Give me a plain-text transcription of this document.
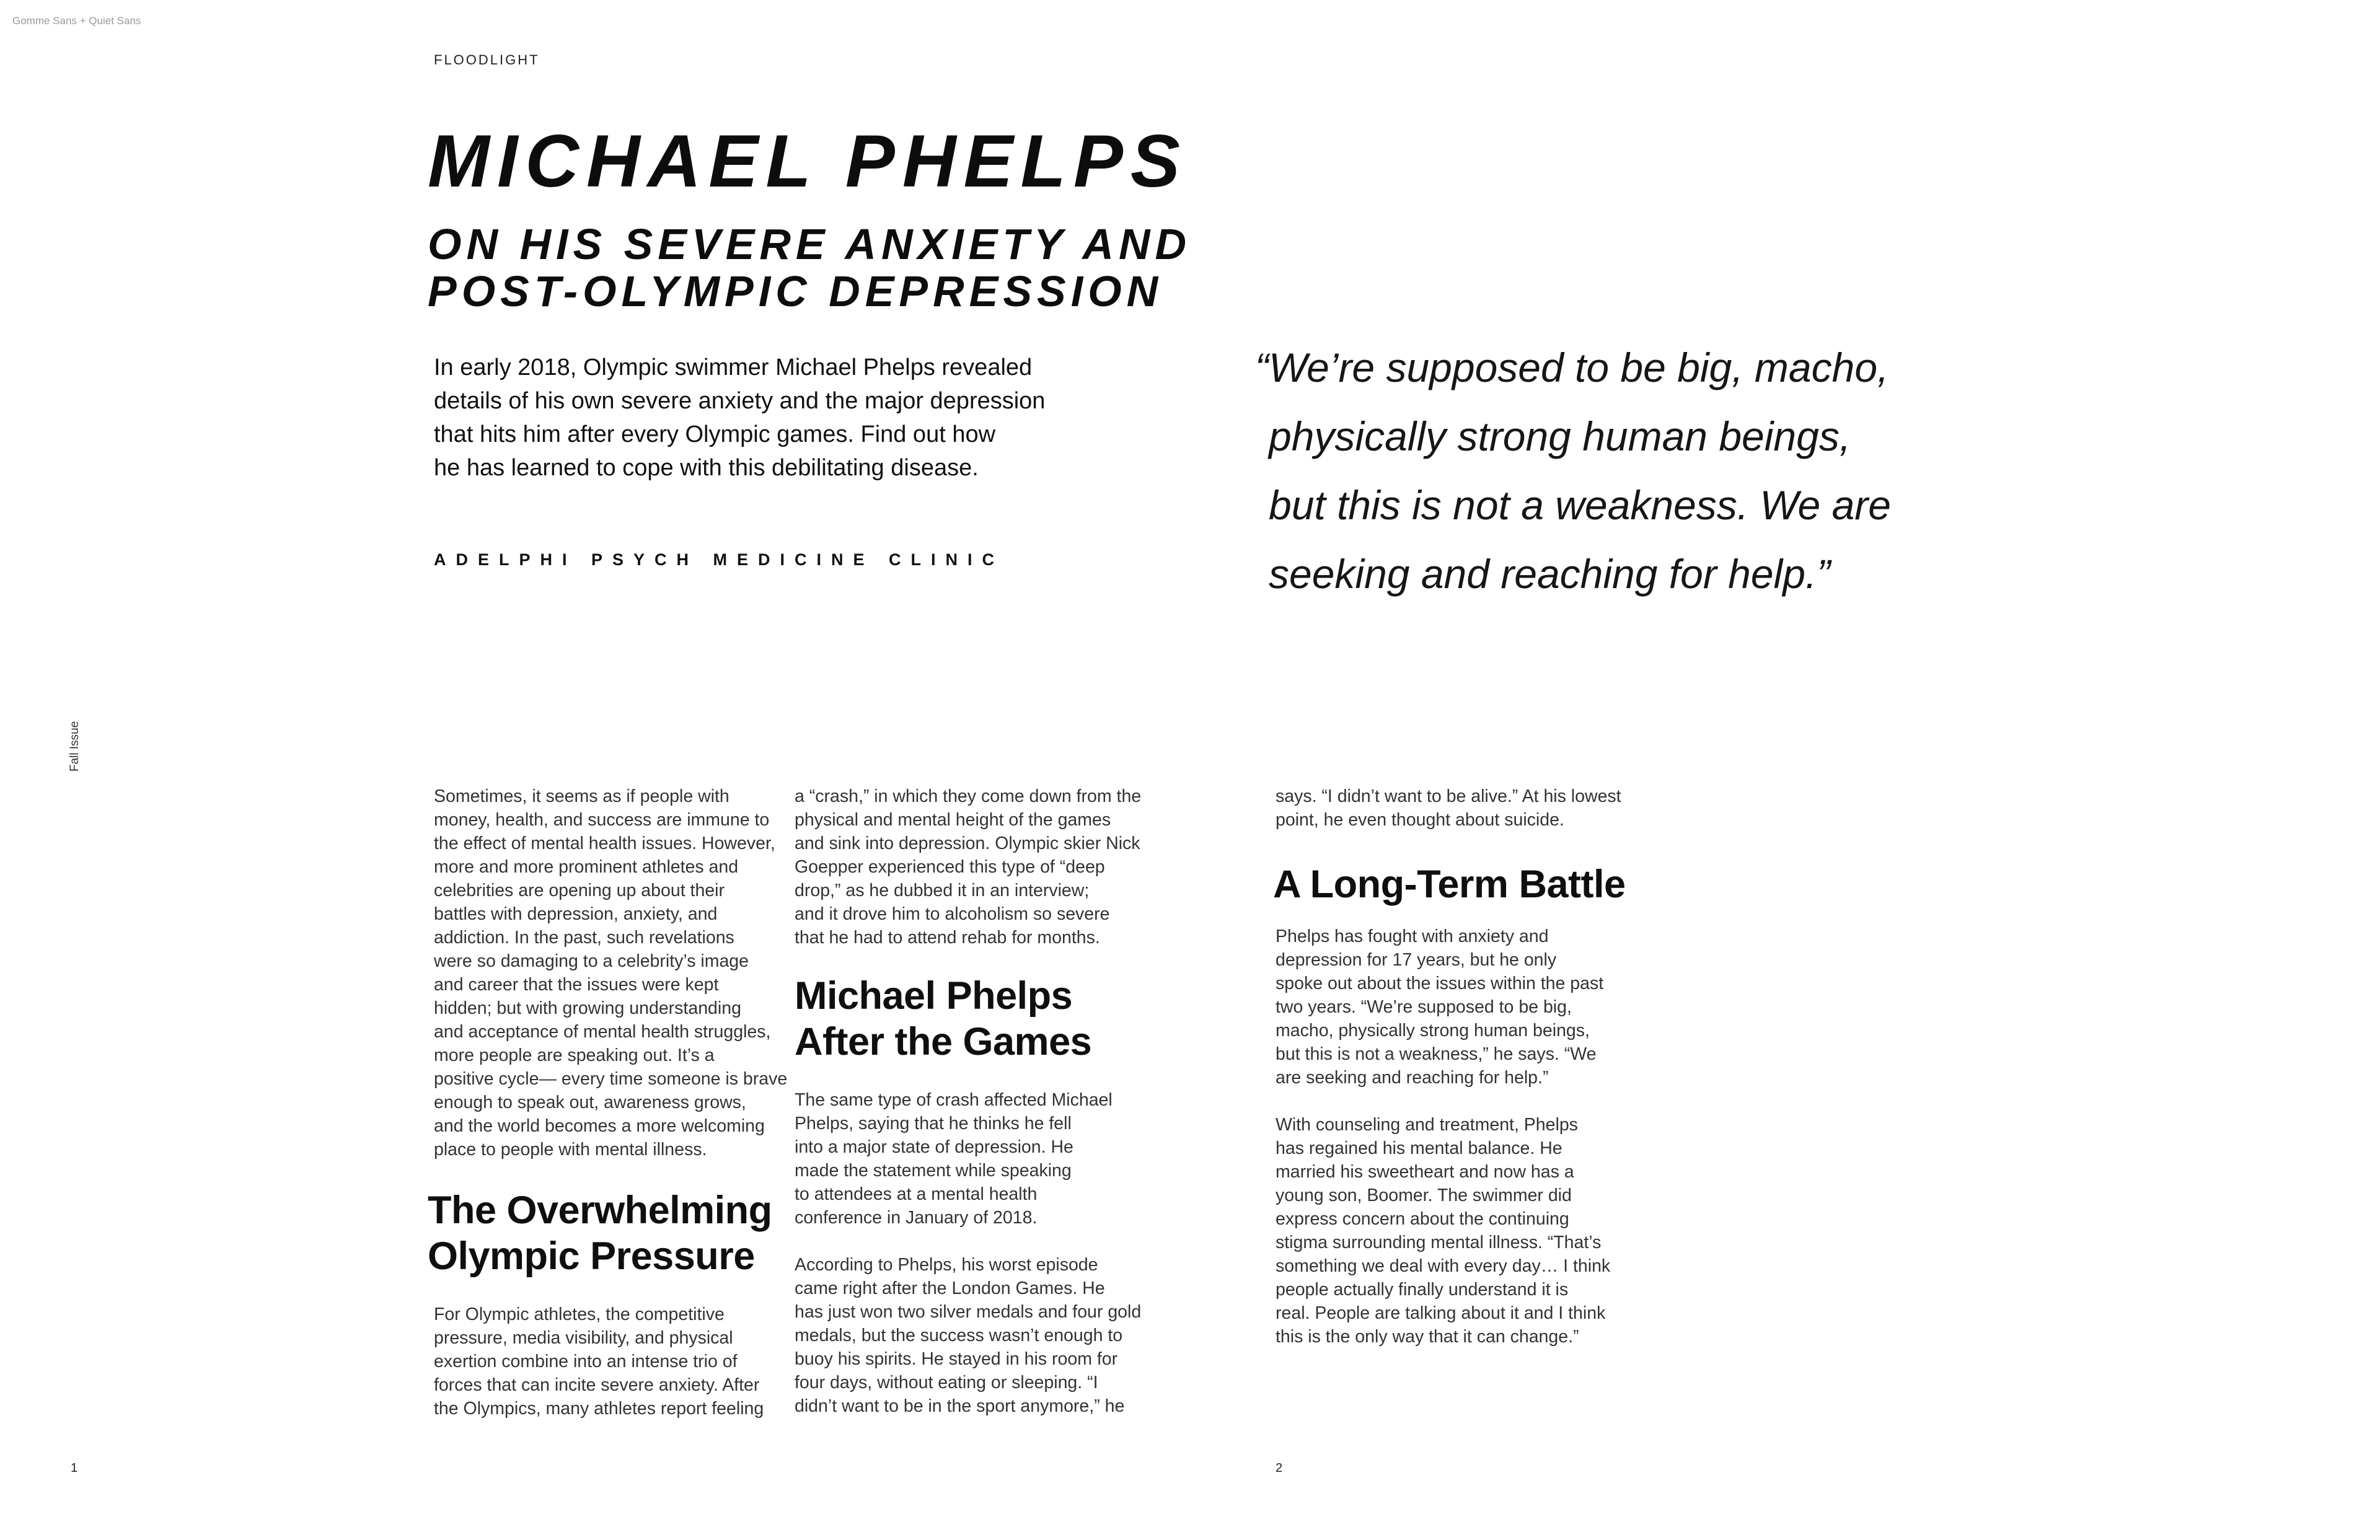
Gomme Sans + Quiet Sans
FLOODLIGHT
MICHAEL PHELPS
ON HIS SEVERE ANXIETY AND
POST-OLYMPIC DEPRESSION
In early 2018, Olympic swimmer Michael Phelps revealed
details of his own severe anxiety and the major depression
that hits him after every Olympic games. Find out how
he has learned to cope with this debilitating disease.
ADELPHI PSYCH MEDICINE CLINIC
“We’re supposed to be big, macho,
physically strong human beings,
but this is not a weakness. We are
seeking and reaching for help.”
Fall Issue

Sometimes, it seems as if people with

money, health, and success are immune to

the effect of mental health issues. However,

more and more prominent athletes and

celebrities are opening up about their

battles with depression, anxiety, and

addiction. In the past, such revelations

were so damaging to a celebrity’s image

and career that the issues were kept

hidden; but with growing understanding

and acceptance of mental health struggles,

more people are speaking out. It’s a

positive cycle— every time someone is brave

enough to speak out, awareness grows,

and the world becomes a more welcoming

place to people with mental illness.

The Overwhelming
Olympic Pressure

For Olympic athletes, the competitive

pressure, media visibility, and physical

exertion combine into an intense trio of

forces that can incite severe anxiety. After

the Olympics, many athletes report feeling

a “crash,” in which they come down from the

physical and mental height of the games

and sink into depression. Olympic skier Nick

Goepper experienced this type of “deep

drop,” as he dubbed it in an interview;

and it drove him to alcoholism so severe

that he had to attend rehab for months.

Michael Phelps
After the Games

The same type of crash affected Michael

Phelps, saying that he thinks he fell

into a major state of depression. He

made the statement while speaking

to attendees at a mental health

conference in January of 2018.

According to Phelps, his worst episode

came right after the London Games. He

has just won two silver medals and four gold

medals, but the success wasn’t enough to

buoy his spirits. He stayed in his room for

four days, without eating or sleeping. “I

didn’t want to be in the sport anymore,” he

says. “I didn’t want to be alive.” At his lowest

point, he even thought about suicide.

A Long-Term Battle

Phelps has fought with anxiety and

depression for 17 years, but he only

spoke out about the issues within the past

two years. “We’re supposed to be big,

macho, physically strong human beings,

but this is not a weakness,” he says. “We

are seeking and reaching for help.”

With counseling and treatment, Phelps

has regained his mental balance. He

married his sweetheart and now has a

young son, Boomer. The swimmer did

express concern about the continuing

stigma surrounding mental illness. “That’s

something we deal with every day… I think

people actually finally understand it is

real. People are talking about it and I think

this is the only way that it can change.”

1	2
